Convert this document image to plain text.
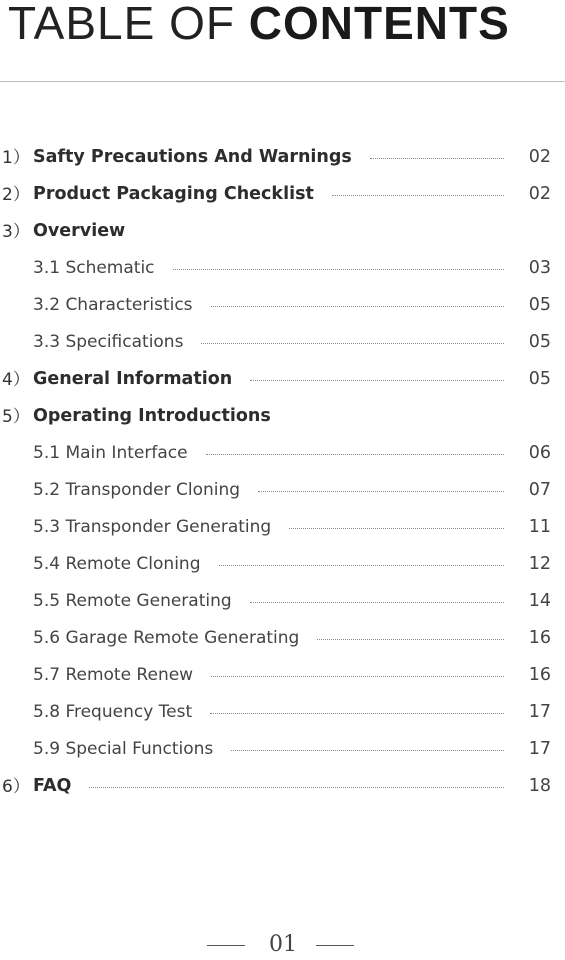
TABLE OF CONTENTS
1） Safty Precautions And Warnings	02
2） Product Packaging Checklist	02
3） Overview
3.1 Schematic	03
3.2 Characteristics	05
3.3 Specifications	05
4） General Information	05
5） Operating Introductions
5.1 Main Interface	06
5.2 Transponder Cloning	07
5.3 Transponder Generating	11
5.4 Remote Cloning	12
5.5 Remote Generating	14
5.6 Garage Remote Generating	16
5.7 Remote Renew	16
5.8 Frequency Test	17
5.9 Special Functions	17
6） FAQ	18
01
